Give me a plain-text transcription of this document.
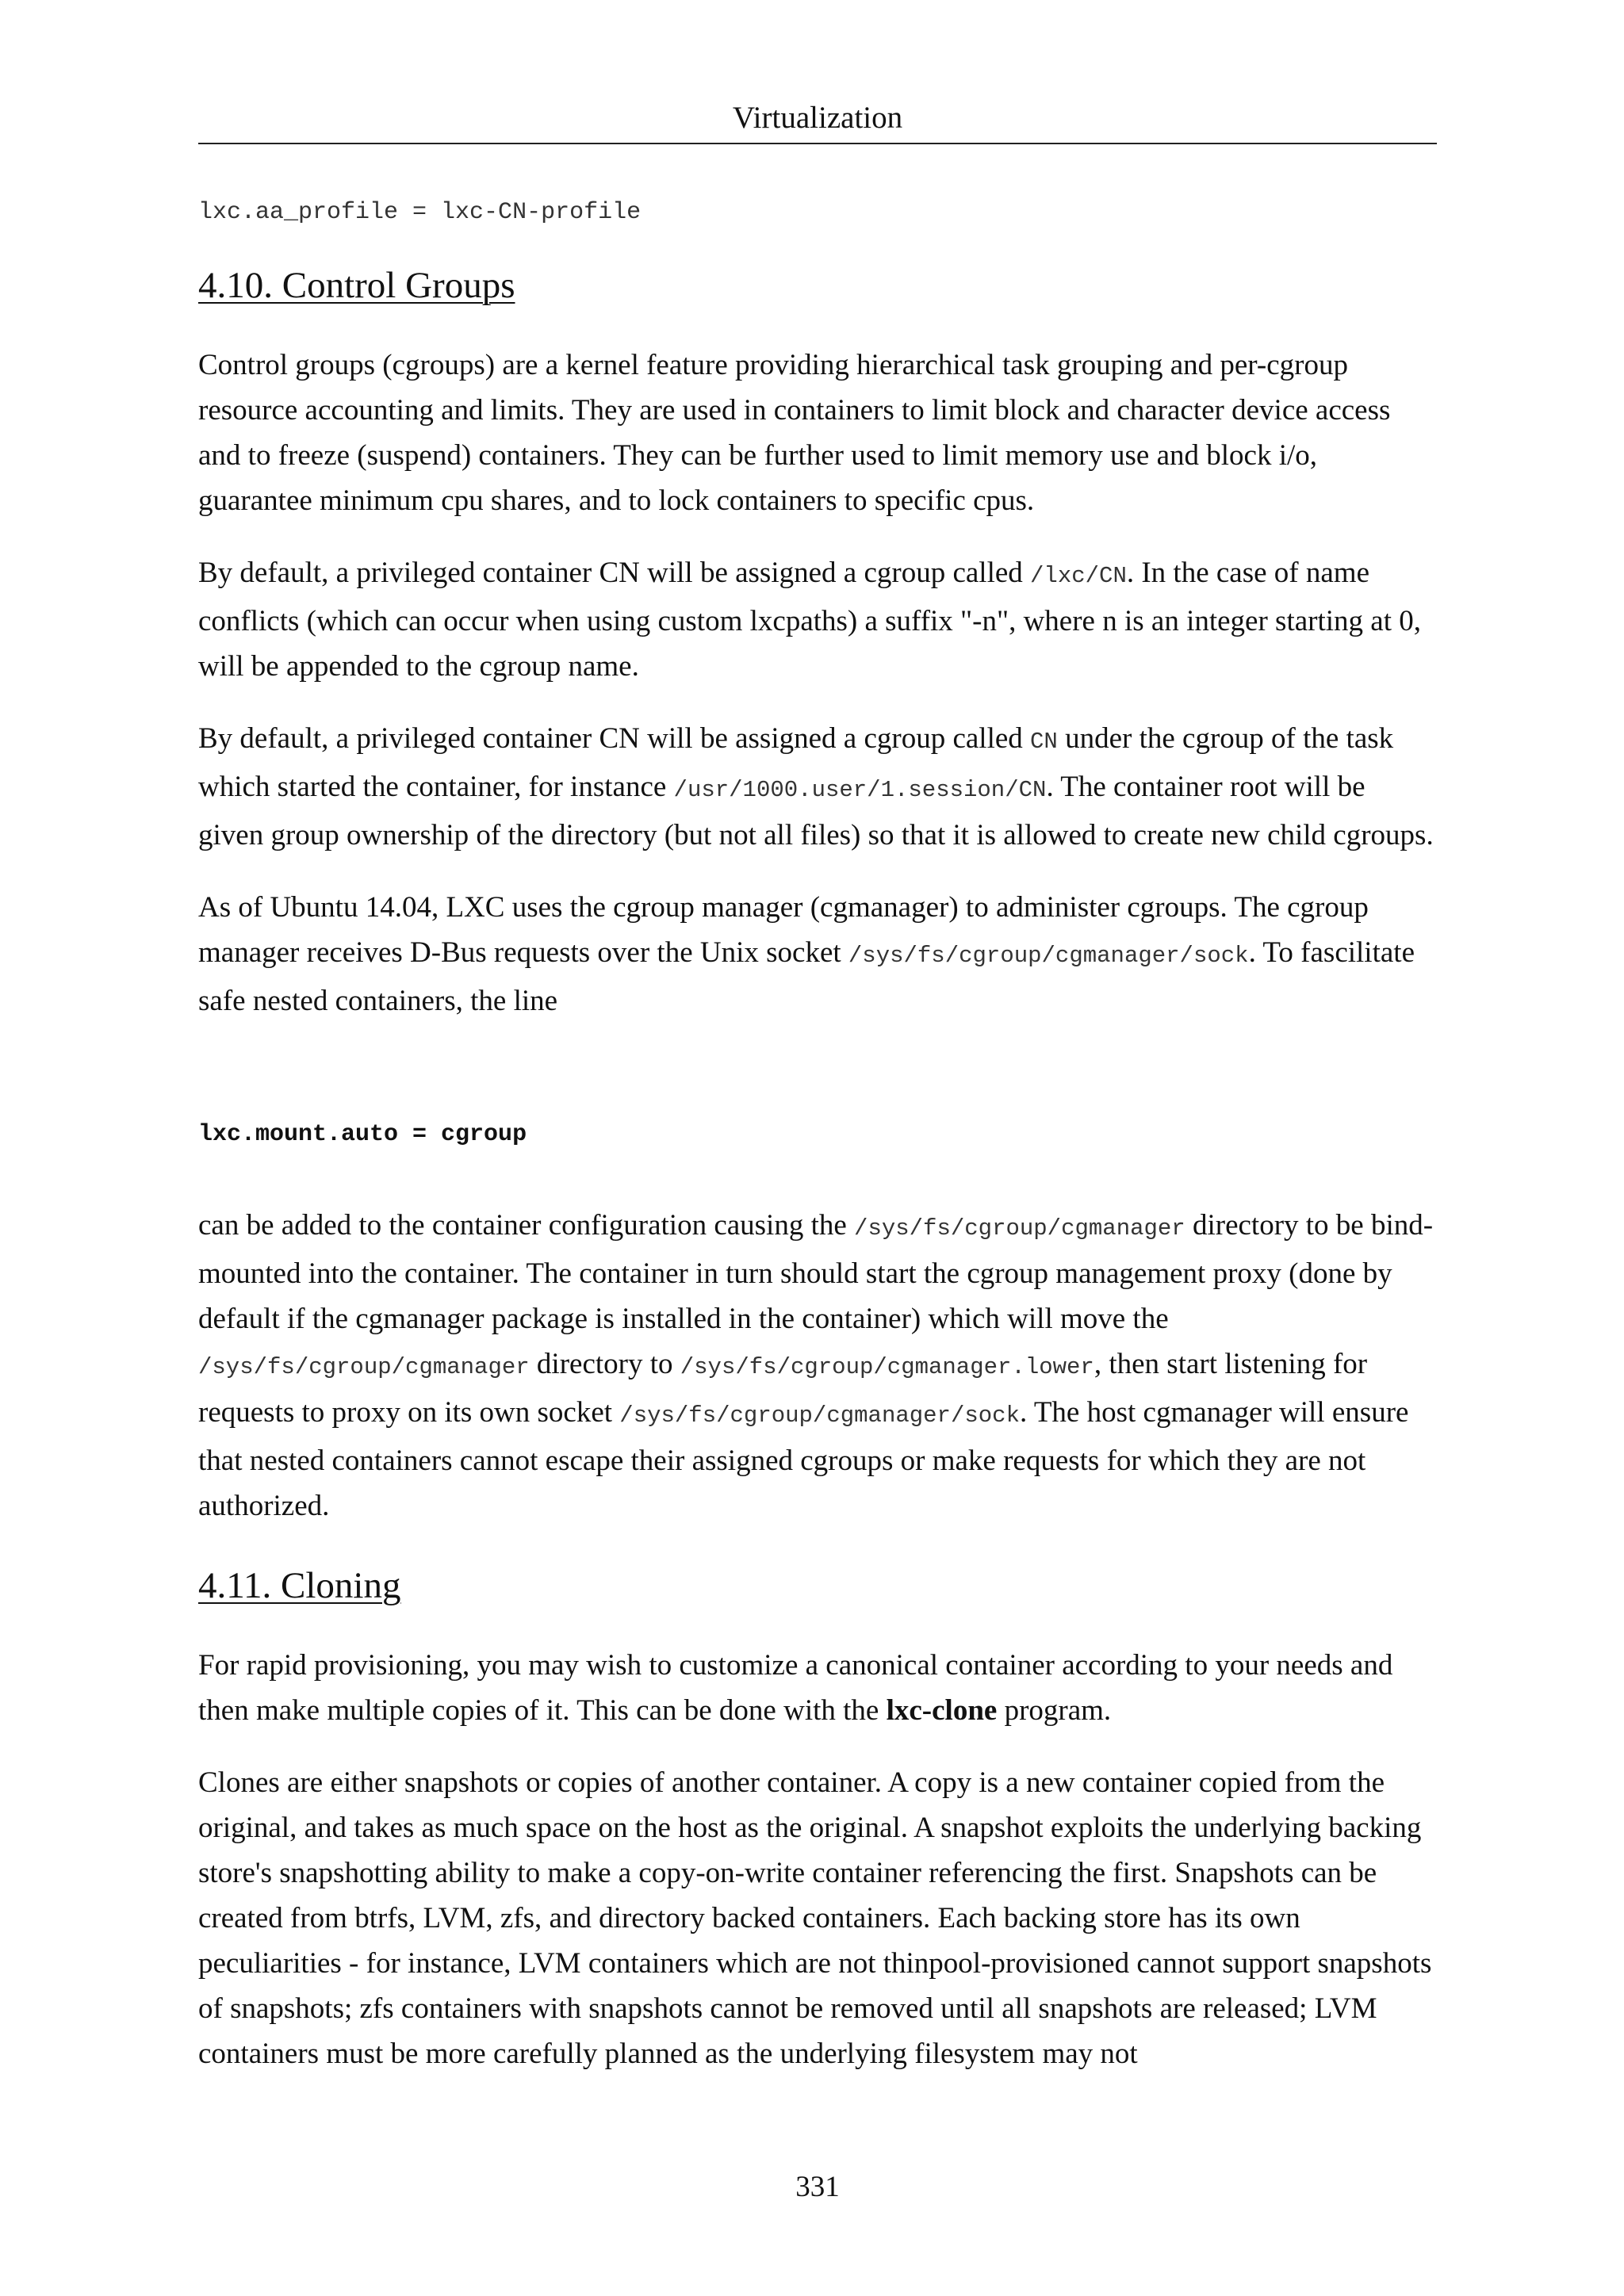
Virtualization

lxc.aa_profile = lxc-CN-profile

4.10. Control Groups

Control groups (cgroups) are a kernel feature providing hierarchical task grouping and per-cgroup resource accounting and limits. They are used in containers to limit block and character device access and to freeze (suspend) containers. They can be further used to limit memory use and block i/o, guarantee minimum cpu shares, and to lock containers to specific cpus.

By default, a privileged container CN will be assigned a cgroup called /lxc/CN. In the case of name conflicts (which can occur when using custom lxcpaths) a suffix "-n", where n is an integer starting at 0, will be appended to the cgroup name.

By default, a privileged container CN will be assigned a cgroup called CN under the cgroup of the task which started the container, for instance /usr/1000.user/1.session/CN. The container root will be given group ownership of the directory (but not all files) so that it is allowed to create new child cgroups.

As of Ubuntu 14.04, LXC uses the cgroup manager (cgmanager) to administer cgroups. The cgroup manager receives D-Bus requests over the Unix socket /sys/fs/cgroup/cgmanager/sock. To fascilitate safe nested containers, the line

lxc.mount.auto = cgroup

can be added to the container configuration causing the /sys/fs/cgroup/cgmanager directory to be bind-mounted into the container. The container in turn should start the cgroup management proxy (done by default if the cgmanager package is installed in the container) which will move the /sys/fs/cgroup/cgmanager directory to /sys/fs/cgroup/cgmanager.lower, then start listening for requests to proxy on its own socket /sys/fs/cgroup/cgmanager/sock. The host cgmanager will ensure that nested containers cannot escape their assigned cgroups or make requests for which they are not authorized.

4.11. Cloning

For rapid provisioning, you may wish to customize a canonical container according to your needs and then make multiple copies of it. This can be done with the lxc-clone program.

Clones are either snapshots or copies of another container. A copy is a new container copied from the original, and takes as much space on the host as the original. A snapshot exploits the underlying backing store's snapshotting ability to make a copy-on-write container referencing the first. Snapshots can be created from btrfs, LVM, zfs, and directory backed containers. Each backing store has its own peculiarities - for instance, LVM containers which are not thinpool-provisioned cannot support snapshots of snapshots; zfs containers with snapshots cannot be removed until all snapshots are released; LVM containers must be more carefully planned as the underlying filesystem may not

331
